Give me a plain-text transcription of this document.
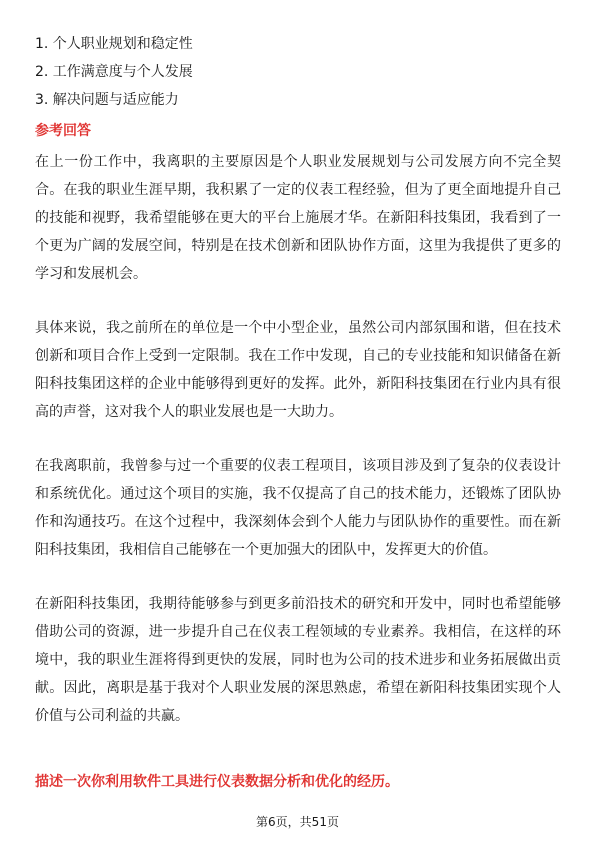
1. 个人职业规划和稳定性
2. 工作满意度与个人发展
3. 解决问题与适应能力
参考回答

在上一份工作中，我离职的主要原因是个人职业发展规划与公司发展方向不完全契合。在我的职业生涯早期，我积累了一定的仪表工程经验，但为了更全面地提升自己的技能和视野，我希望能够在更大的平台上施展才华。在新阳科技集团，我看到了一个更为广阔的发展空间，特别是在技术创新和团队协作方面，这里为我提供了更多的学习和发展机会。

具体来说，我之前所在的单位是一个中小型企业，虽然公司内部氛围和谐，但在技术创新和项目合作上受到一定限制。我在工作中发现，自己的专业技能和知识储备在新阳科技集团这样的企业中能够得到更好的发挥。此外，新阳科技集团在行业内具有很高的声誉，这对我个人的职业发展也是一大助力。

在我离职前，我曾参与过一个重要的仪表工程项目，该项目涉及到了复杂的仪表设计和系统优化。通过这个项目的实施，我不仅提高了自己的技术能力，还锻炼了团队协作和沟通技巧。在这个过程中，我深刻体会到个人能力与团队协作的重要性。而在新阳科技集团，我相信自己能够在一个更加强大的团队中，发挥更大的价值。

在新阳科技集团，我期待能够参与到更多前沿技术的研究和开发中，同时也希望能够借助公司的资源，进一步提升自己在仪表工程领域的专业素养。我相信，在这样的环境中，我的职业生涯将得到更快的发展，同时也为公司的技术进步和业务拓展做出贡献。因此，离职是基于我对个人职业发展的深思熟虑，希望在新阳科技集团实现个人价值与公司利益的共赢。

描述一次你利用软件工具进行仪表数据分析和优化的经历。
第6页，共51页
